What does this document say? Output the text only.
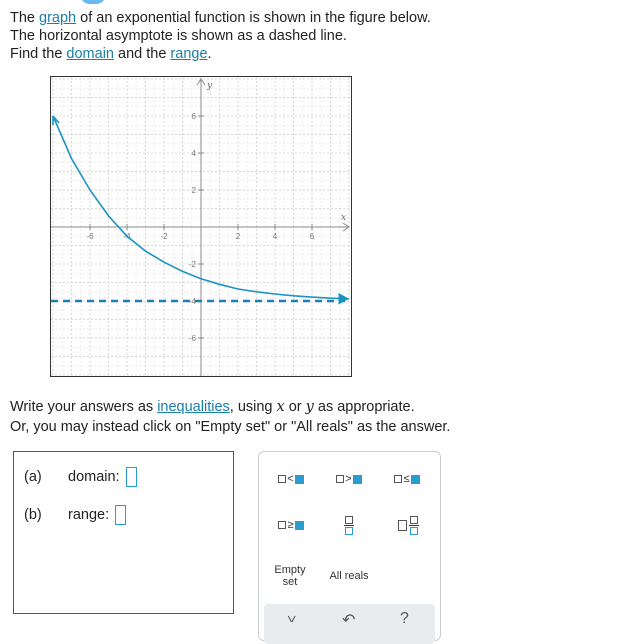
The graph of an exponential function is shown in the figure below.
The horizontal asymptote is shown as a dashed line.
Find the domain and the range.
x
y
-6	-4	-2	2	4	6
-6
-2
2
4
6
-4
Write your answers as inequalities, using x or y as appropriate.
Or, you may instead click on "Empty set" or "All reals" as the answer.
(a)	domain:
(b)	range:
<	>	≤
≥
Empty
set	All reals
>	↶	?
